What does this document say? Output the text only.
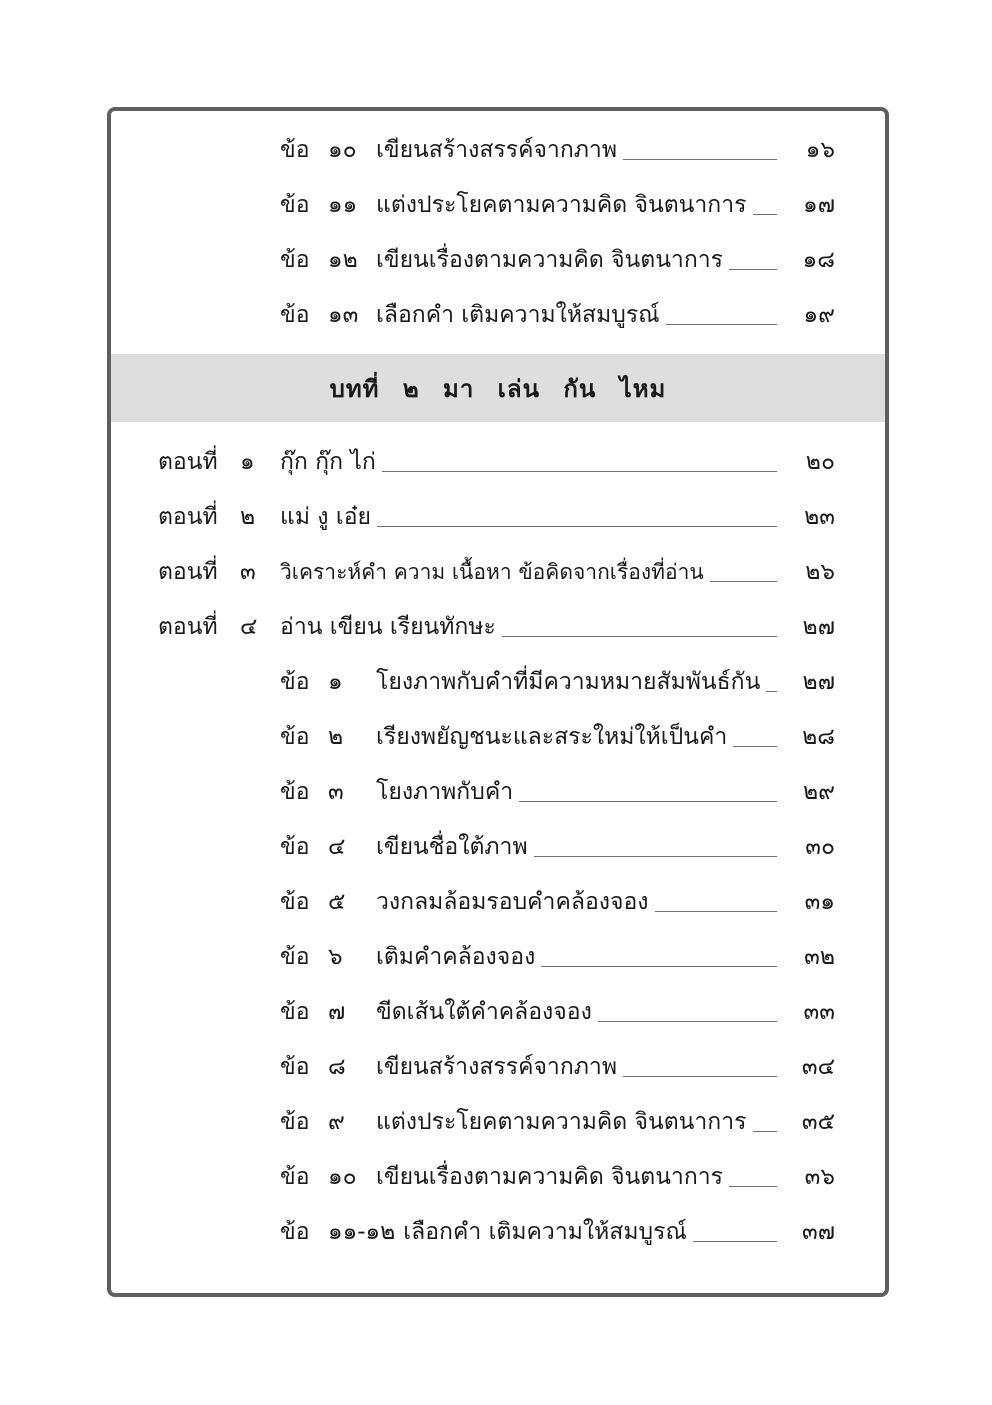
ข้อ ๑๐ เขียนสร้างสรรค์จากภาพ	๑๖
ข้อ ๑๑ แต่งประโยคตามความคิด จินตนาการ	๑๗
ข้อ ๑๒ เขียนเรื่องตามความคิด จินตนาการ	๑๘
ข้อ ๑๓ เลือกคำ เติมความให้สมบูรณ์	๑๙
บทที่ ๒ มา เล่น กัน ไหม
ตอนที่ ๑ กุ๊ก กุ๊ก ไก่	๒๐
ตอนที่ ๒ แม่ งู เอ๋ย	๒๓
ตอนที่ ๓ วิเคราะห์คำ ความ เนื้อหา ข้อคิดจากเรื่องที่อ่าน	๒๖
ตอนที่ ๔ อ่าน เขียน เรียนทักษะ	๒๗
ข้อ ๑ โยงภาพกับคำที่มีความหมายสัมพันธ์กัน	๒๗
ข้อ ๒ เรียงพยัญชนะและสระใหม่ให้เป็นคำ	๒๘
ข้อ ๓ โยงภาพกับคำ	๒๙
ข้อ ๔ เขียนชื่อใต้ภาพ	๓๐
ข้อ ๕ วงกลมล้อมรอบคำคล้องจอง	๓๑
ข้อ ๖ เติมคำคล้องจอง	๓๒
ข้อ ๗ ขีดเส้นใต้คำคล้องจอง	๓๓
ข้อ ๘ เขียนสร้างสรรค์จากภาพ	๓๔
ข้อ ๙ แต่งประโยคตามความคิด จินตนาการ ๓๕
ข้อ ๑๐ เขียนเรื่องตามความคิด จินตนาการ	๓๖
ข้อ ๑๑-๑๒ เลือกคำ เติมความให้สมบูรณ์	๓๗
